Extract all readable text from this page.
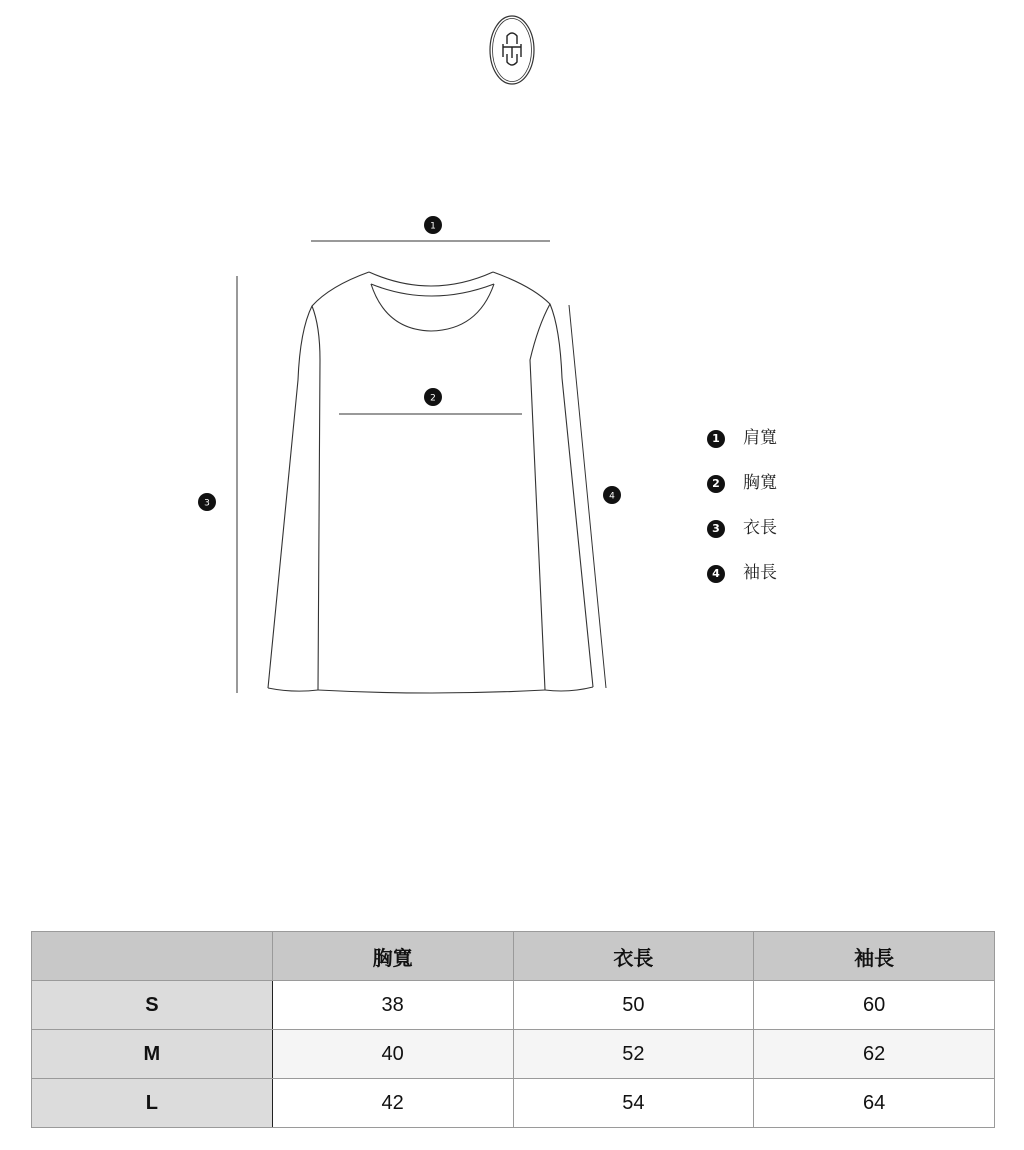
1
2
3
4
1	肩寬
2	胸寬
3	衣長
4	袖長
	胸寬	衣長	袖長
S	38	50	60
M	40	52	62
L	42	54	64
